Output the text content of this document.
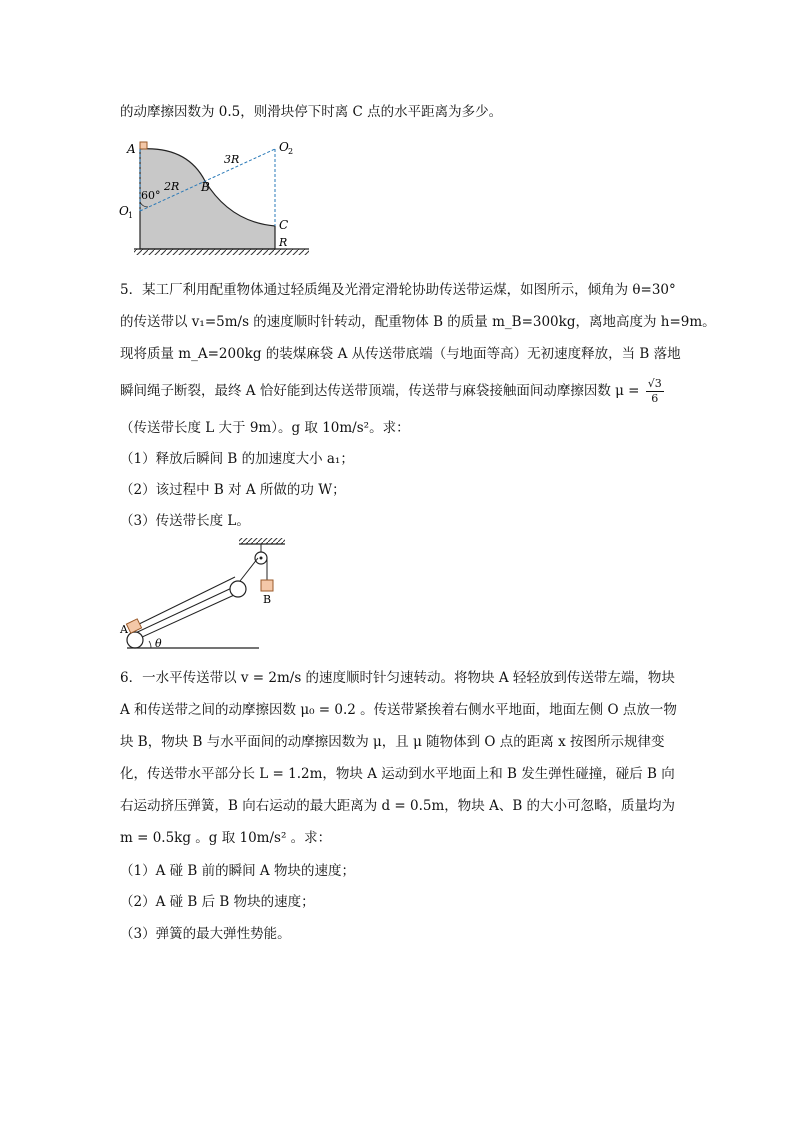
的动摩擦因数为 0.5，则滑块停下时离 C 点的水平距离为多少。
A
O 1
60°
2R B
3R
O 2
C
R
5．某工厂利用配重物体通过轻质绳及光滑定滑轮协助传送带运煤，如图所示，倾角为 θ=30°
的传送带以 v₁=5m/s 的速度顺时针转动，配重物体 B 的质量 m_B=300kg，离地高度为 h=9m。
现将质量 m_A=200kg 的装煤麻袋 A 从传送带底端（与地面等高）无初速度释放，当 B 落地
瞬间绳子断裂，最终 A 恰好能到达传送带顶端，传送带与麻袋接触面间动摩擦因数 $\mu = \frac{√3}{6}$
（传送带长度 L 大于 9m）。g 取 10m/s²。求：
（1）释放后瞬间 B 的加速度大小 a₁；
（2）该过程中 B 对 A 所做的功 W；
（3）传送带长度 L。
B
A
θ
6．一水平传送带以 v = 2m/s 的速度顺时针匀速转动。将物块 A 轻轻放到传送带左端，物块
A 和传送带之间的动摩擦因数 μ₀ = 0.2 。传送带紧挨着右侧水平地面，地面左侧 O 点放一物
块 B，物块 B 与水平面间的动摩擦因数为 μ，且 μ 随物体到 O 点的距离 x 按图所示规律变
化，传送带水平部分长 L = 1.2m，物块 A 运动到水平地面上和 B 发生弹性碰撞，碰后 B 向
右运动挤压弹簧，B 向右运动的最大距离为 d = 0.5m，物块 A、B 的大小可忽略，质量均为
m = 0.5kg 。g 取 10m/s² 。求：
（1）A 碰 B 前的瞬间 A 物块的速度；
（2）A 碰 B 后 B 物块的速度；
（3）弹簧的最大弹性势能。
